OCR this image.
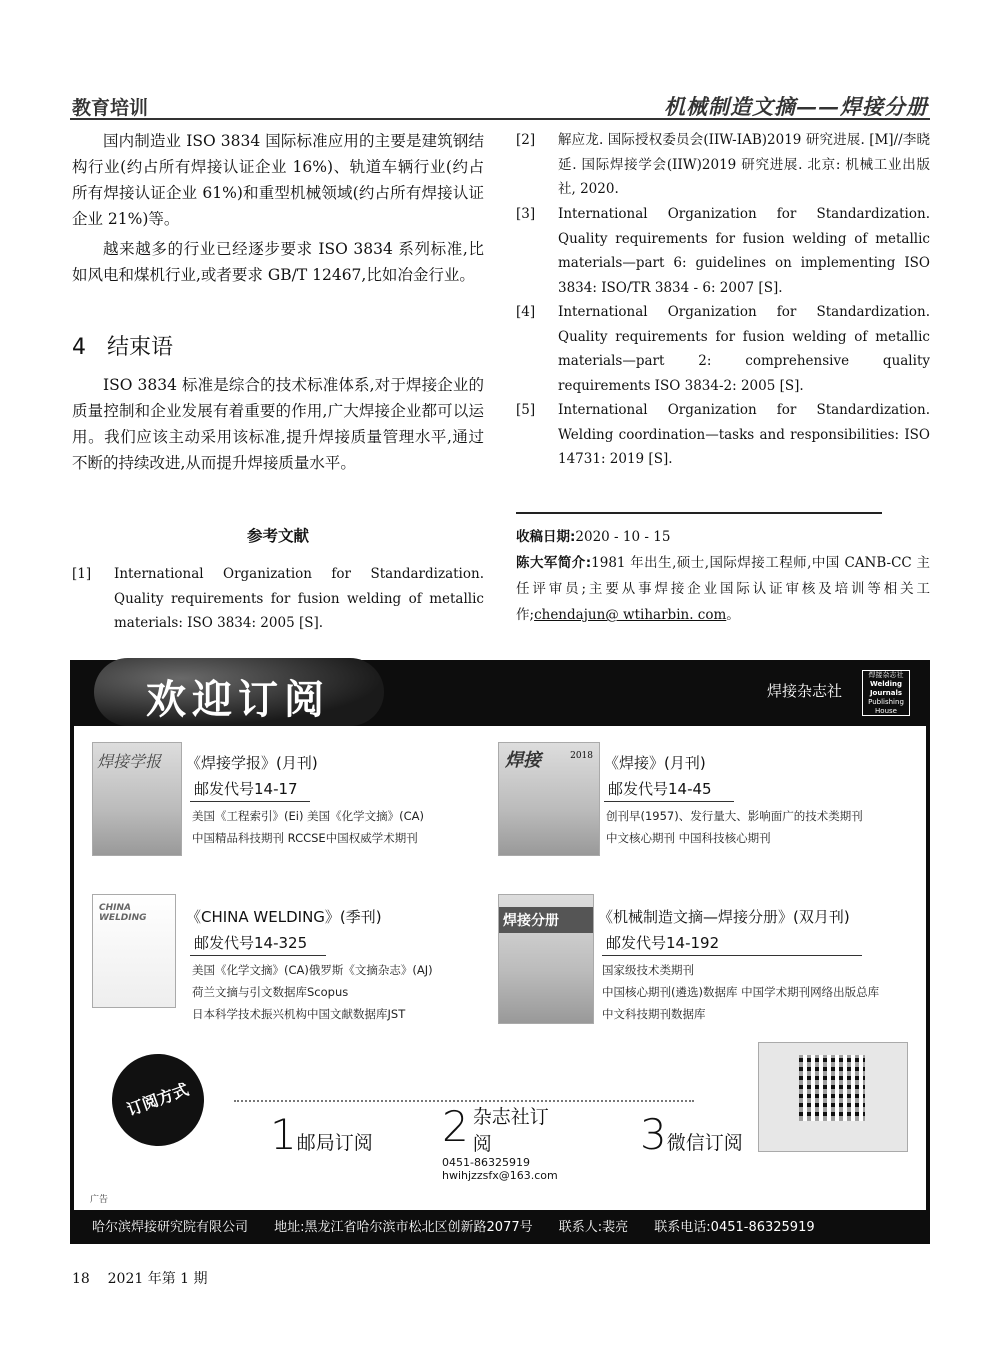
教育培训	机械制造文摘——焊接分册

国内制造业 ISO 3834 国际标准应用的主要是建筑钢结构行业(约占所有焊接认证企业 16%)、轨道车辆行业(约占所有焊接认证企业 61%)和重型机械领域(约占所有焊接认证企业 21%)等。

越来越多的行业已经逐步要求 ISO 3834 系列标准,比如风电和煤机行业,或者要求 GB/T 12467,比如冶金行业。

4 结束语

ISO 3834 标准是综合的技术标准体系,对于焊接企业的质量控制和企业发展有着重要的作用,广大焊接企业都可以运用。我们应该主动采用该标准,提升焊接质量管理水平,通过不断的持续改进,从而提升焊接质量水平。

参考文献
[1] International Organization for Standardization. Quality requirements for fusion welding of metallic materials: ISO 3834: 2005 [S].
[2] 解应龙. 国际授权委员会(IIW-IAB)2019 研究进展. [M]//李晓延. 国际焊接学会(IIW)2019 研究进展. 北京: 机械工业出版社, 2020.
[3] International Organization for Standardization. Quality requirements for fusion welding of metallic materials—part 6: guidelines on implementing ISO 3834: ISO/TR 3834 - 6: 2007 [S].
[4] International Organization for Standardization. Quality requirements for fusion welding of metallic materials—part 2: comprehensive quality requirements ISO 3834-2: 2005 [S].
[5] International Organization for Standardization. Welding coordination—tasks and responsibilities: ISO 14731: 2019 [S].
收稿日期:2020 - 10 - 15
陈大军简介:1981 年出生,硕士,国际焊接工程师,中国 CANB-CC 主任评审员;主要从事焊接企业国际认证审核及培训等相关工作;chendajun@ wtiharbin. com。
欢迎订阅	焊接杂志社
焊接杂志社
Welding
Journals
Publishing House
焊接学报	《焊接学报》(月刊)
邮发代号14-17
美国《工程索引》(Ei) 美国《化学文摘》(CA)
中国精品科技期刊 RCCSE中国权威学术期刊
焊接	2018 《焊接》(月刊)
邮发代号14-45
创刊早(1957)、发行量大、影响面广的技术类期刊
中文核心期刊 中国科技核心期刊
CHINA WELDING	《CHINA WELDING》(季刊)
邮发代号14-325
美国《化学文摘》(CA)俄罗斯《文摘杂志》(AJ)
荷兰文摘与引文数据库Scopus
日本科学技术振兴机构中国文献数据库JST
焊接分册	《机械制造文摘—焊接分册》(双月刊)
邮发代号14-192
国家级技术类期刊
中国核心期刊(遴选)数据库 中国学术期刊网络出版总库
中文科技期刊数据库
订阅方式
1邮局订阅 2 杂志社订阅
0451-86325919
hwihjzzsfx@163.com
3微信订阅
广告
哈尔滨焊接研究院有限公司 地址:黑龙江省哈尔滨市松北区创新路2077号 联系人:裴亮 联系电话:0451-86325919
18 2021 年第 1 期
